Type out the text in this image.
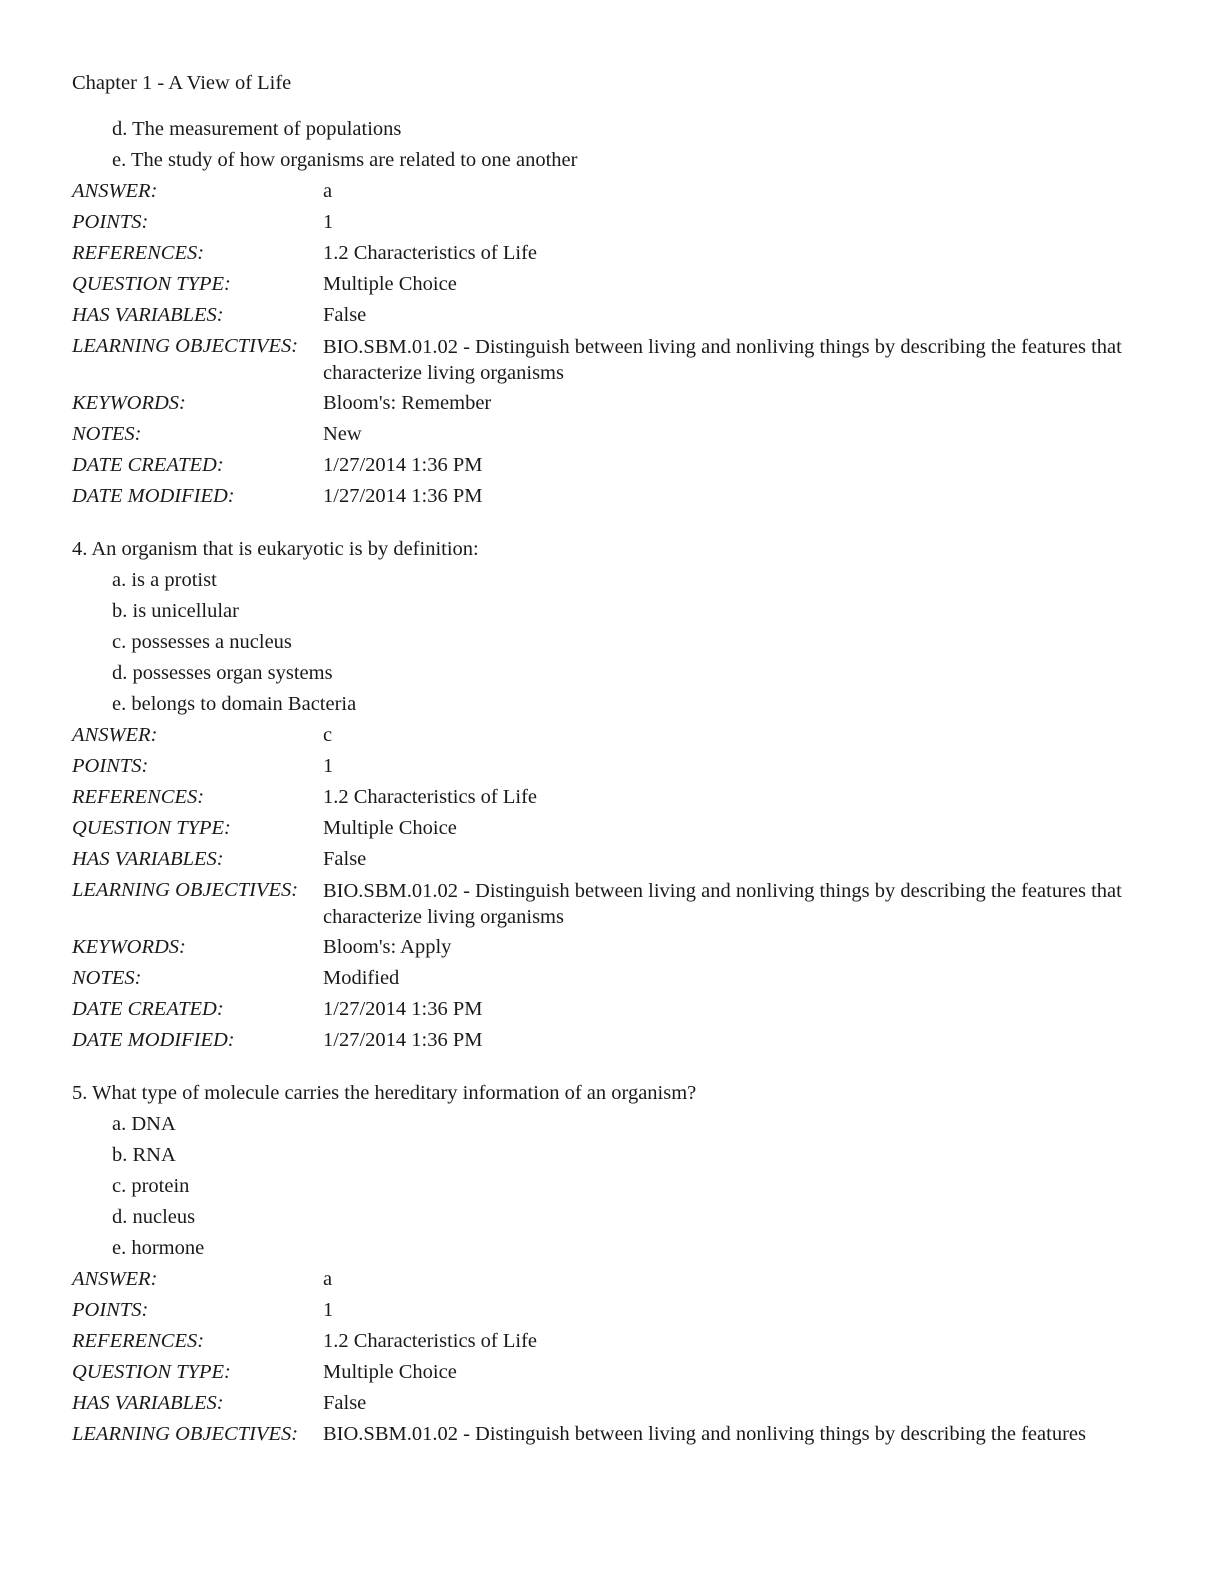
Chapter 1 - A View of Life
d. The measurement of populations
e. The study of how organisms are related to one another
ANSWER:	a
POINTS:	1
REFERENCES:	1.2 Characteristics of Life
QUESTION TYPE:	Multiple Choice
HAS VARIABLES:	False
LEARNING OBJECTIVES:	BIO.SBM.01.02 - Distinguish between living and nonliving things by describing the features that characterize living organisms
KEYWORDS:	Bloom's: Remember
NOTES:	New
DATE CREATED:	1/27/2014 1:36 PM
DATE MODIFIED:	1/27/2014 1:36 PM
4. An organism that is eukaryotic is by definition:
a. is a protist
b. is unicellular
c. possesses a nucleus
d. possesses organ systems
e. belongs to domain Bacteria
ANSWER:	c
POINTS:	1
REFERENCES:	1.2 Characteristics of Life
QUESTION TYPE:	Multiple Choice
HAS VARIABLES:	False
LEARNING OBJECTIVES:	BIO.SBM.01.02 - Distinguish between living and nonliving things by describing the features that characterize living organisms
KEYWORDS:	Bloom's: Apply
NOTES:	Modified
DATE CREATED:	1/27/2014 1:36 PM
DATE MODIFIED:	1/27/2014 1:36 PM
5. What type of molecule carries the hereditary information of an organism?
a. DNA
b. RNA
c. protein
d. nucleus
e. hormone
ANSWER:	a
POINTS:	1
REFERENCES:	1.2 Characteristics of Life
QUESTION TYPE:	Multiple Choice
HAS VARIABLES:	False
LEARNING OBJECTIVES:	BIO.SBM.01.02 - Distinguish between living and nonliving things by describing the features
